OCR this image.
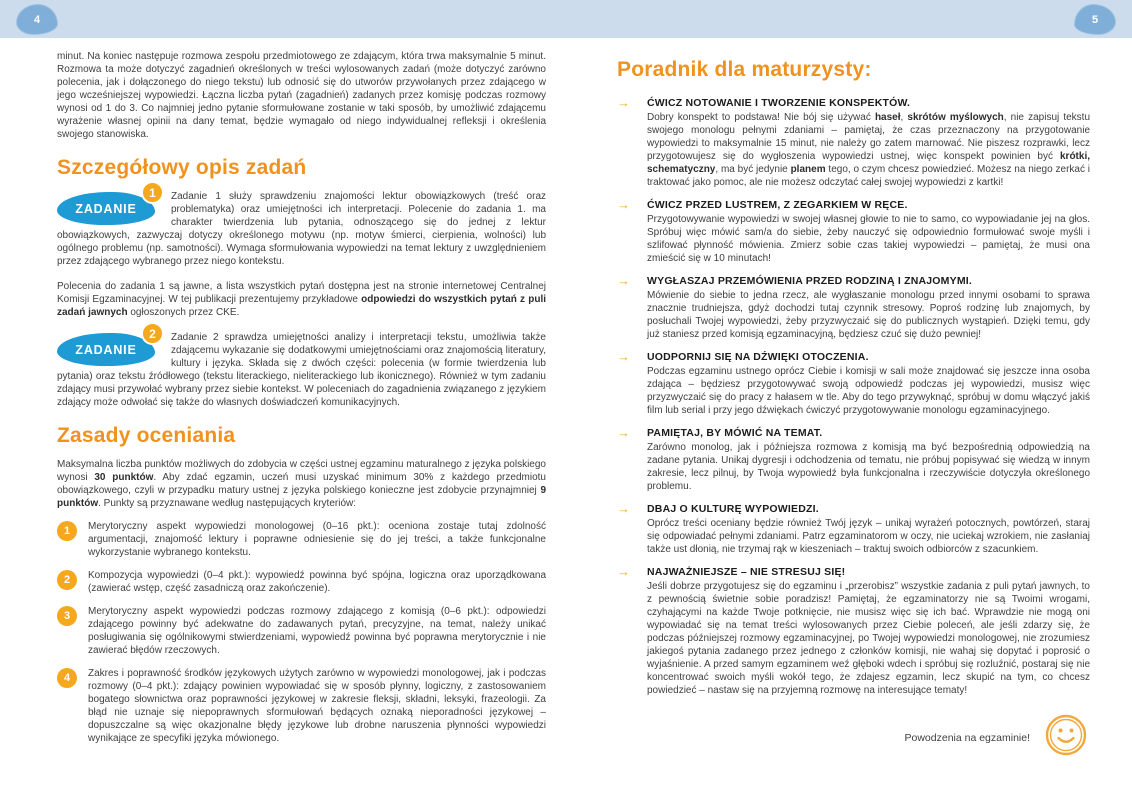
4	5

minut. Na koniec następuje rozmowa zespołu przedmiotowego ze zdającym, która trwa maksymalnie 5 minut. Rozmowa ta może dotyczyć zagadnień określonych w treści wylosowanych zadań (może dotyczyć zarówno polecenia, jak i dołączonego do niego tekstu) lub odnosić się do utworów przywołanych przez zdającego w jego wcześniejszej wypowiedzi. Łączna liczba pytań (zagadnień) zadanych przez komisję podczas rozmowy wynosi od 1 do 3. Co najmniej jedno pytanie sformułowane zostanie w taki sposób, by umożliwić zdającemu wyrażenie własnej opinii na dany temat, będzie wymagało od niego indywidualnej refleksji i określenia swojego stanowiska.

Szczegółowy opis zadań
ZADANIE
1	Zadanie 1 służy sprawdzeniu znajomości lektur obowiązkowych (treść oraz problematyka) oraz umiejętności ich interpretacji. Polecenie do zadania 1. ma charakter twierdzenia lub pytania, odnoszącego się do jednej z lektur obowiązkowych, zazwyczaj dotyczy określonego motywu (np. motyw śmierci, cierpienia, wolności) lub ogólnego problemu (np. samotności). Wymaga sformułowania wypowiedzi na temat lektury z uwzględnieniem przez zdającego wybranego przez niego kontekstu.

Polecenia do zadania 1 są jawne, a lista wszystkich pytań dostępna jest na stronie internetowej Centralnej Komisji Egzaminacyjnej. W tej publikacji prezentujemy przykładowe odpowiedzi do wszystkich pytań z puli zadań jawnych ogłoszonych przez CKE.

ZADANIE
2	Zadanie 2 sprawdza umiejętności analizy i interpretacji tekstu, umożliwia także zdającemu wykazanie się dodatkowymi umiejętnościami oraz znajomością literatury, kultury i języka. Składa się z dwóch części: polecenia (w formie twierdzenia lub pytania) oraz tekstu źródłowego (tekstu literackiego, nieliterackiego lub ikonicznego). Również w tym zadaniu zdający musi przywołać wybrany przez siebie kontekst. W poleceniach do zagadnienia związanego z językiem zdający może odwołać się także do własnych doświadczeń komunikacyjnych.

Zasady oceniania

Maksymalna liczba punktów możliwych do zdobycia w części ustnej egzaminu maturalnego z języka polskiego wynosi 30 punktów. Aby zdać egzamin, uczeń musi uzyskać minimum 30% z każdego przedmiotu obowiązkowego, czyli w przypadku matury ustnej z języka polskiego konieczne jest zdobycie przynajmniej 9 punktów. Punkty są przyznawane według następujących kryteriów:

1	Merytoryczny aspekt wypowiedzi monologowej (0–16 pkt.): oceniona zostaje tutaj zdolność argumentacji, znajomość lektury i poprawne odniesienie się do jej treści, a także funkcjonalne wykorzystanie wybranego kontekstu.

2	Kompozycja wypowiedzi (0–4 pkt.): wypowiedź powinna być spójna, logiczna oraz uporządkowana (zawierać wstęp, część zasadniczą oraz zakończenie).

3	Merytoryczny aspekt wypowiedzi podczas rozmowy zdającego z komisją (0–6 pkt.): odpowiedzi zdającego powinny być adekwatne do zadawanych pytań, precyzyjne, na temat, należy unikać posługiwania się ogólnikowymi stwierdzeniami, wypowiedź powinna być poprawna merytorycznie i nie zawierać błędów rzeczowych.

4	Zakres i poprawność środków językowych użytych zarówno w wypowiedzi monologowej, jak i podczas rozmowy (0–4 pkt.): zdający powinien wypowiadać się w sposób płynny, logiczny, z zastosowaniem bogatego słownictwa oraz poprawności językowej w zakresie fleksji, składni, leksyki, frazeologii. Za błąd nie uznaje się niepoprawnych sformułowań będących oznaką nieporadności językowej – dopuszczalne są więc okazjonalne błędy językowe lub drobne naruszenia płynności wypowiedzi wynikające ze specyfiki języka mówionego.

Poradnik dla maturzysty:
→	ĆWICZ NOTOWANIE I TWORZENIE KONSPEKTÓW.

Dobry konspekt to podstawa! Nie bój się używać haseł, skrótów myślowych, nie zapisuj tekstu swojego monologu pełnymi zdaniami – pamiętaj, że czas przeznaczony na przygotowanie wypowiedzi to maksymalnie 15 minut, nie należy go zatem marnować. Nie piszesz rozprawki, lecz przygotowujesz się do wygłoszenia wypowiedzi ustnej, więc konspekt powinien być krótki, schematyczny, ma być jedynie planem tego, o czym chcesz powiedzieć. Możesz na niego zerkać i traktować jako pomoc, ale nie możesz odczytać całej swojej wypowiedzi z kartki!

→	ĆWICZ PRZED LUSTREM, Z ZEGARKIEM W RĘCE.

Przygotowywanie wypowiedzi w swojej własnej głowie to nie to samo, co wypowiadanie jej na głos. Spróbuj więc mówić sam/a do siebie, żeby nauczyć się odpowiednio formułować swoje myśli i szlifować płynność mówienia. Zmierz sobie czas takiej wypowiedzi – pamiętaj, że musi ona zmieścić się w 10 minutach!

→	WYGŁASZAJ PRZEMÓWIENIA PRZED RODZINĄ I ZNAJOMYMI.

Mówienie do siebie to jedna rzecz, ale wygłaszanie monologu przed innymi osobami to sprawa znacznie trudniejsza, gdyż dochodzi tutaj czynnik stresowy. Poproś rodzinę lub znajomych, by posłuchali Twojej wypowiedzi, żeby przyzwyczaić się do publicznych wystąpień. Dzięki temu, gdy już staniesz przed komisją egzaminacyjną, będziesz czuć się dużo pewniej!

→	UODPORNIJ SIĘ NA DŹWIĘKI OTOCZENIA.

Podczas egzaminu ustnego oprócz Ciebie i komisji w sali może znajdować się jeszcze inna osoba zdająca – będziesz przygotowywać swoją odpowiedź podczas jej wypowiedzi, musisz więc przyzwyczaić się do pracy z hałasem w tle. Aby do tego przywyknąć, spróbuj w domu włączyć jakiś film lub serial i przy jego dźwiękach ćwiczyć przygotowywanie monologu egzaminacyjnego.

→	PAMIĘTAJ, BY MÓWIĆ NA TEMAT.

Zarówno monolog, jak i późniejsza rozmowa z komisją ma być bezpośrednią odpowiedzią na zadane pytania. Unikaj dygresji i odchodzenia od tematu, nie próbuj popisywać się wiedzą w innym zakresie, lecz pilnuj, by Twoja wypowiedź była funkcjonalna i rzeczywiście dotyczyła określonego problemu.

→	DBAJ O KULTURĘ WYPOWIEDZI.

Oprócz treści oceniany będzie również Twój język – unikaj wyrażeń potocznych, powtórzeń, staraj się odpowiadać pełnymi zdaniami. Patrz egzaminatorom w oczy, nie uciekaj wzrokiem, nie zasłaniaj także ust dłonią, nie trzymaj rąk w kieszeniach – traktuj swoich odbiorców z szacunkiem.

→	NAJWAŻNIEJSZE – NIE STRESUJ SIĘ!

Jeśli dobrze przygotujesz się do egzaminu i „przerobisz” wszystkie zadania z puli pytań jawnych, to z pewnością świetnie sobie poradzisz! Pamiętaj, że egzaminatorzy nie są Twoimi wrogami, czyhającymi na każde Twoje potknięcie, nie musisz więc się ich bać. Wprawdzie nie mogą oni wypowiadać się na temat treści wylosowanych przez Ciebie poleceń, ale jeśli zdarzy się, że podczas późniejszej rozmowy egzaminacyjnej, po Twojej wypowiedzi monologowej, nie zrozumiesz jakiegoś pytania zadanego przez jednego z członków komisji, nie wahaj się dopytać i poprosić o wyjaśnienie. A przed samym egzaminem weź głęboki wdech i spróbuj się rozluźnić, postaraj się nie koncentrować swoich myśli wokół tego, że zdajesz egzamin, lecz skupić na tym, co chcesz powiedzieć – nastaw się na przyjemną rozmowę na interesujące tematy!

Powodzenia na egzaminie!
